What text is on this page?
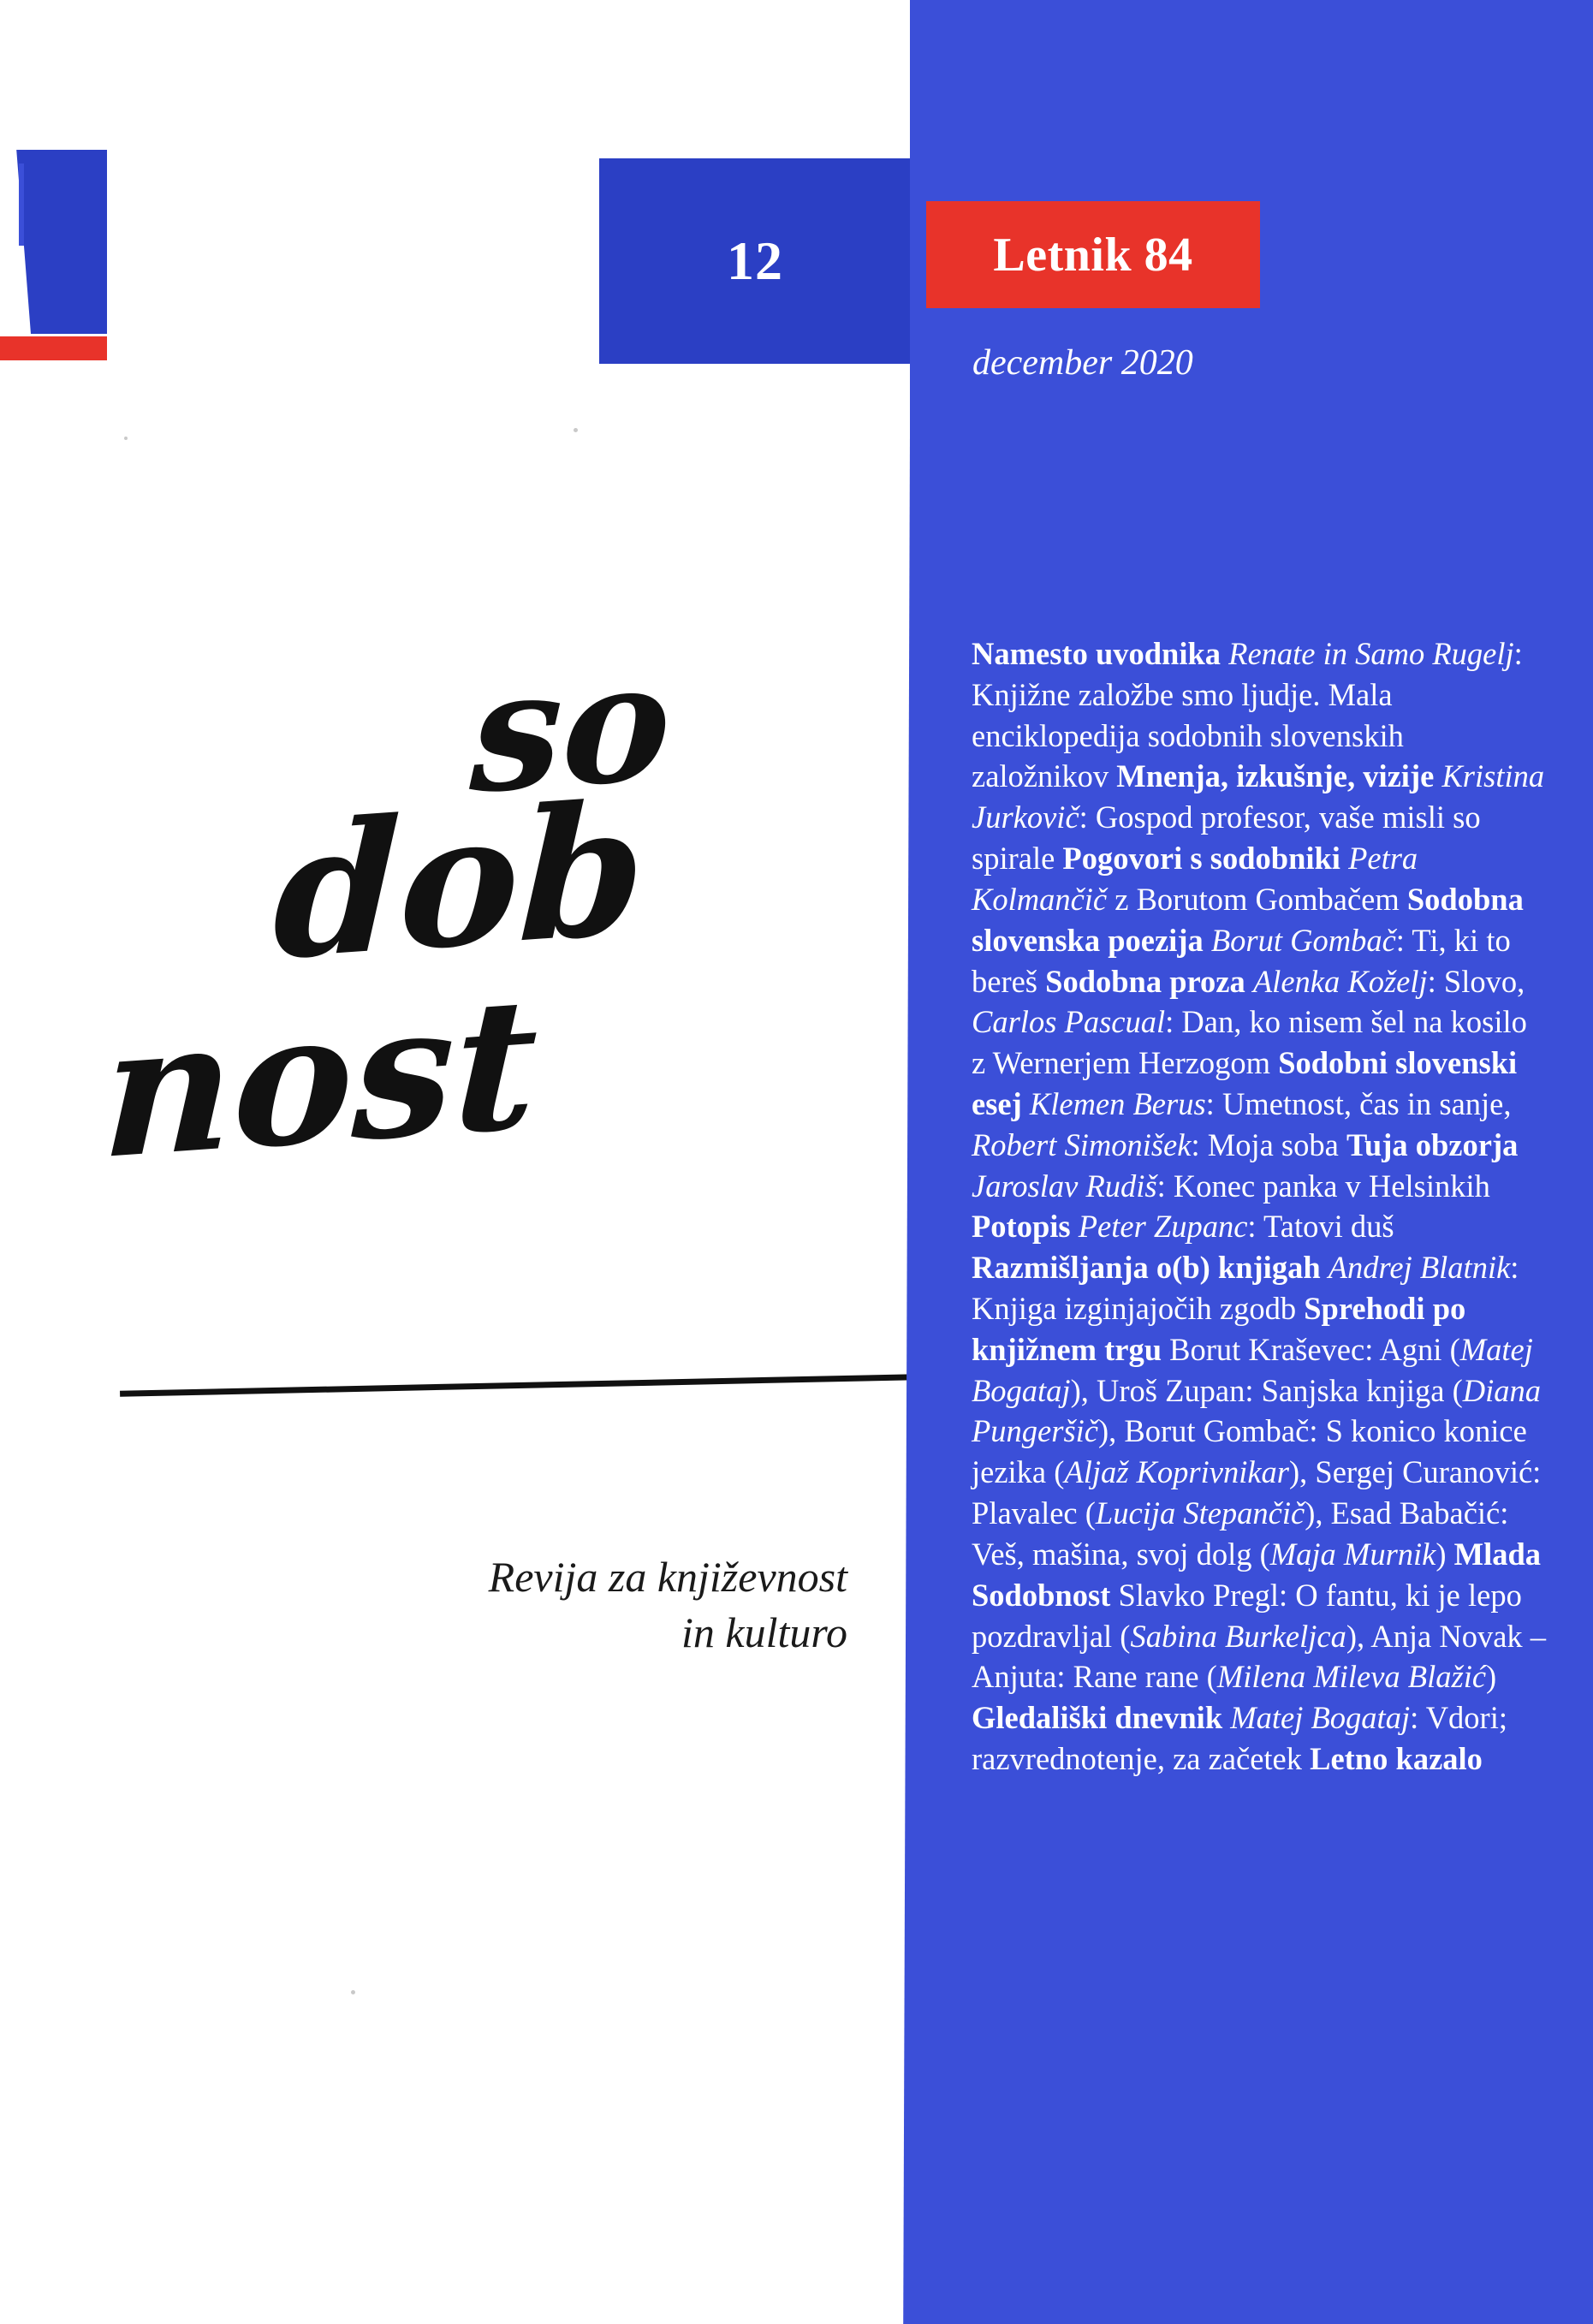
12
so
dob
nost
Revija za književnost
in kulturo
Letnik 84
december 2020
Namesto uvodnika Renate in Samo Rugelj: Knjižne založbe smo ljudje. Mala enciklopedija sodobnih slovenskih založnikov Mnenja, izkušnje, vizije Kristina Jurkovič: Gospod profesor, vaše misli so spirale Pogovori s sodobniki Petra Kolmančič z Borutom Gombačem Sodobna slovenska poezija Borut Gombač: Ti, ki to bereš Sodobna proza Alenka Koželj: Slovo, Carlos Pascual: Dan, ko nisem šel na kosilo z Wernerjem Herzogom Sodobni slovenski esej Klemen Berus: Umetnost, čas in sanje, Robert Simonišek: Moja soba Tuja obzorja Jaroslav Rudiš: Konec panka v Helsinkih Potopis Peter Zupanc: Tatovi duš Razmišljanja o(b) knjigah Andrej Blatnik: Knjiga izginjajočih zgodb Sprehodi po knjižnem trgu Borut Kraševec: Agni (Matej Bogataj), Uroš Zupan: Sanjska knjiga (Diana Pungeršič), Borut Gombač: S konico konice jezika (Aljaž Koprivnikar), Sergej Curanović: Plavalec (Lucija Stepančič), Esad Babačić: Veš, mašina, svoj dolg (Maja Murnik) Mlada Sodobnost Slavko Pregl: O fantu, ki je lepo pozdravljal (Sabina Burkeljca), Anja Novak – Anjuta: Rane rane (Milena Mileva Blažić) Gledališki dnevnik Matej Bogataj: Vdori; razvrednotenje, za začetek Letno kazalo
